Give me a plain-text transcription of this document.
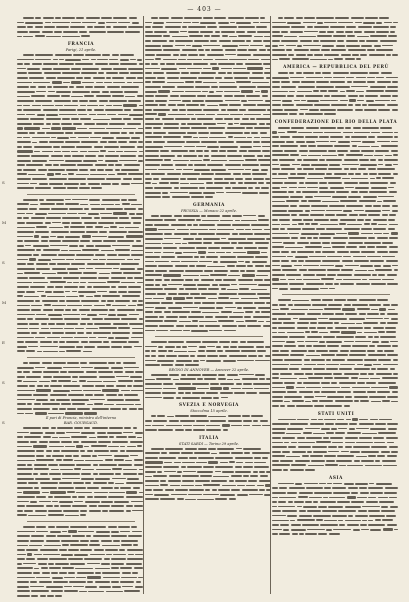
— 403 —
S
M
S
M
E
S
S
FRANCIA
Parigi, 21 aprile.
Il pari di Francia, ministro dell'interno
BAR. GOURGAUD.
GERMANIA
PRUSSIA — Monaco 22 aprile.
REGNO DI ANNOVER — Annover 22 aprile.
SVEZIA E NORVEGIA
Stoccolma 15 aprile.
ITALIA
STATI SARDI — Torino 29 aprile.
AMERICA — REPUBBLICA DEL PERÙ
CONFEDERAZIONE DEL RIO DELLA PLATA
STATI UNITI
ASIA
